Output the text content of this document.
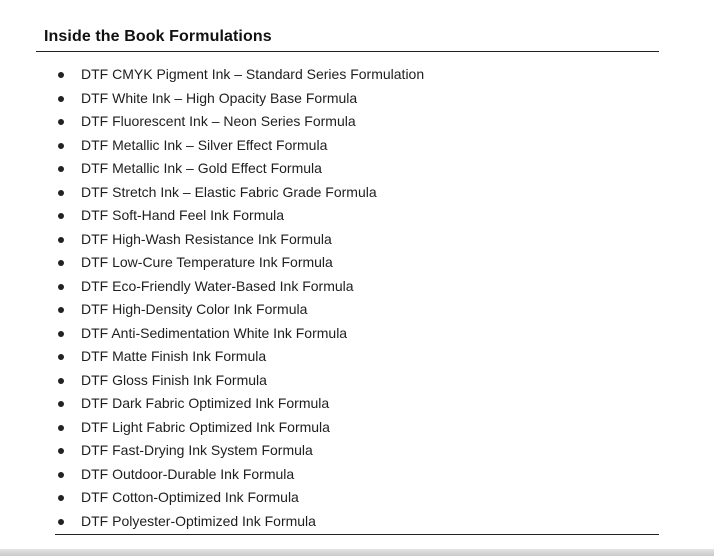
Inside the Book Formulations
DTF CMYK Pigment Ink – Standard Series Formulation
DTF White Ink – High Opacity Base Formula
DTF Fluorescent Ink – Neon Series Formula
DTF Metallic Ink – Silver Effect Formula
DTF Metallic Ink – Gold Effect Formula
DTF Stretch Ink – Elastic Fabric Grade Formula
DTF Soft-Hand Feel Ink Formula
DTF High-Wash Resistance Ink Formula
DTF Low-Cure Temperature Ink Formula
DTF Eco-Friendly Water-Based Ink Formula
DTF High-Density Color Ink Formula
DTF Anti-Sedimentation White Ink Formula
DTF Matte Finish Ink Formula
DTF Gloss Finish Ink Formula
DTF Dark Fabric Optimized Ink Formula
DTF Light Fabric Optimized Ink Formula
DTF Fast-Drying Ink System Formula
DTF Outdoor-Durable Ink Formula
DTF Cotton-Optimized Ink Formula
DTF Polyester-Optimized Ink Formula
